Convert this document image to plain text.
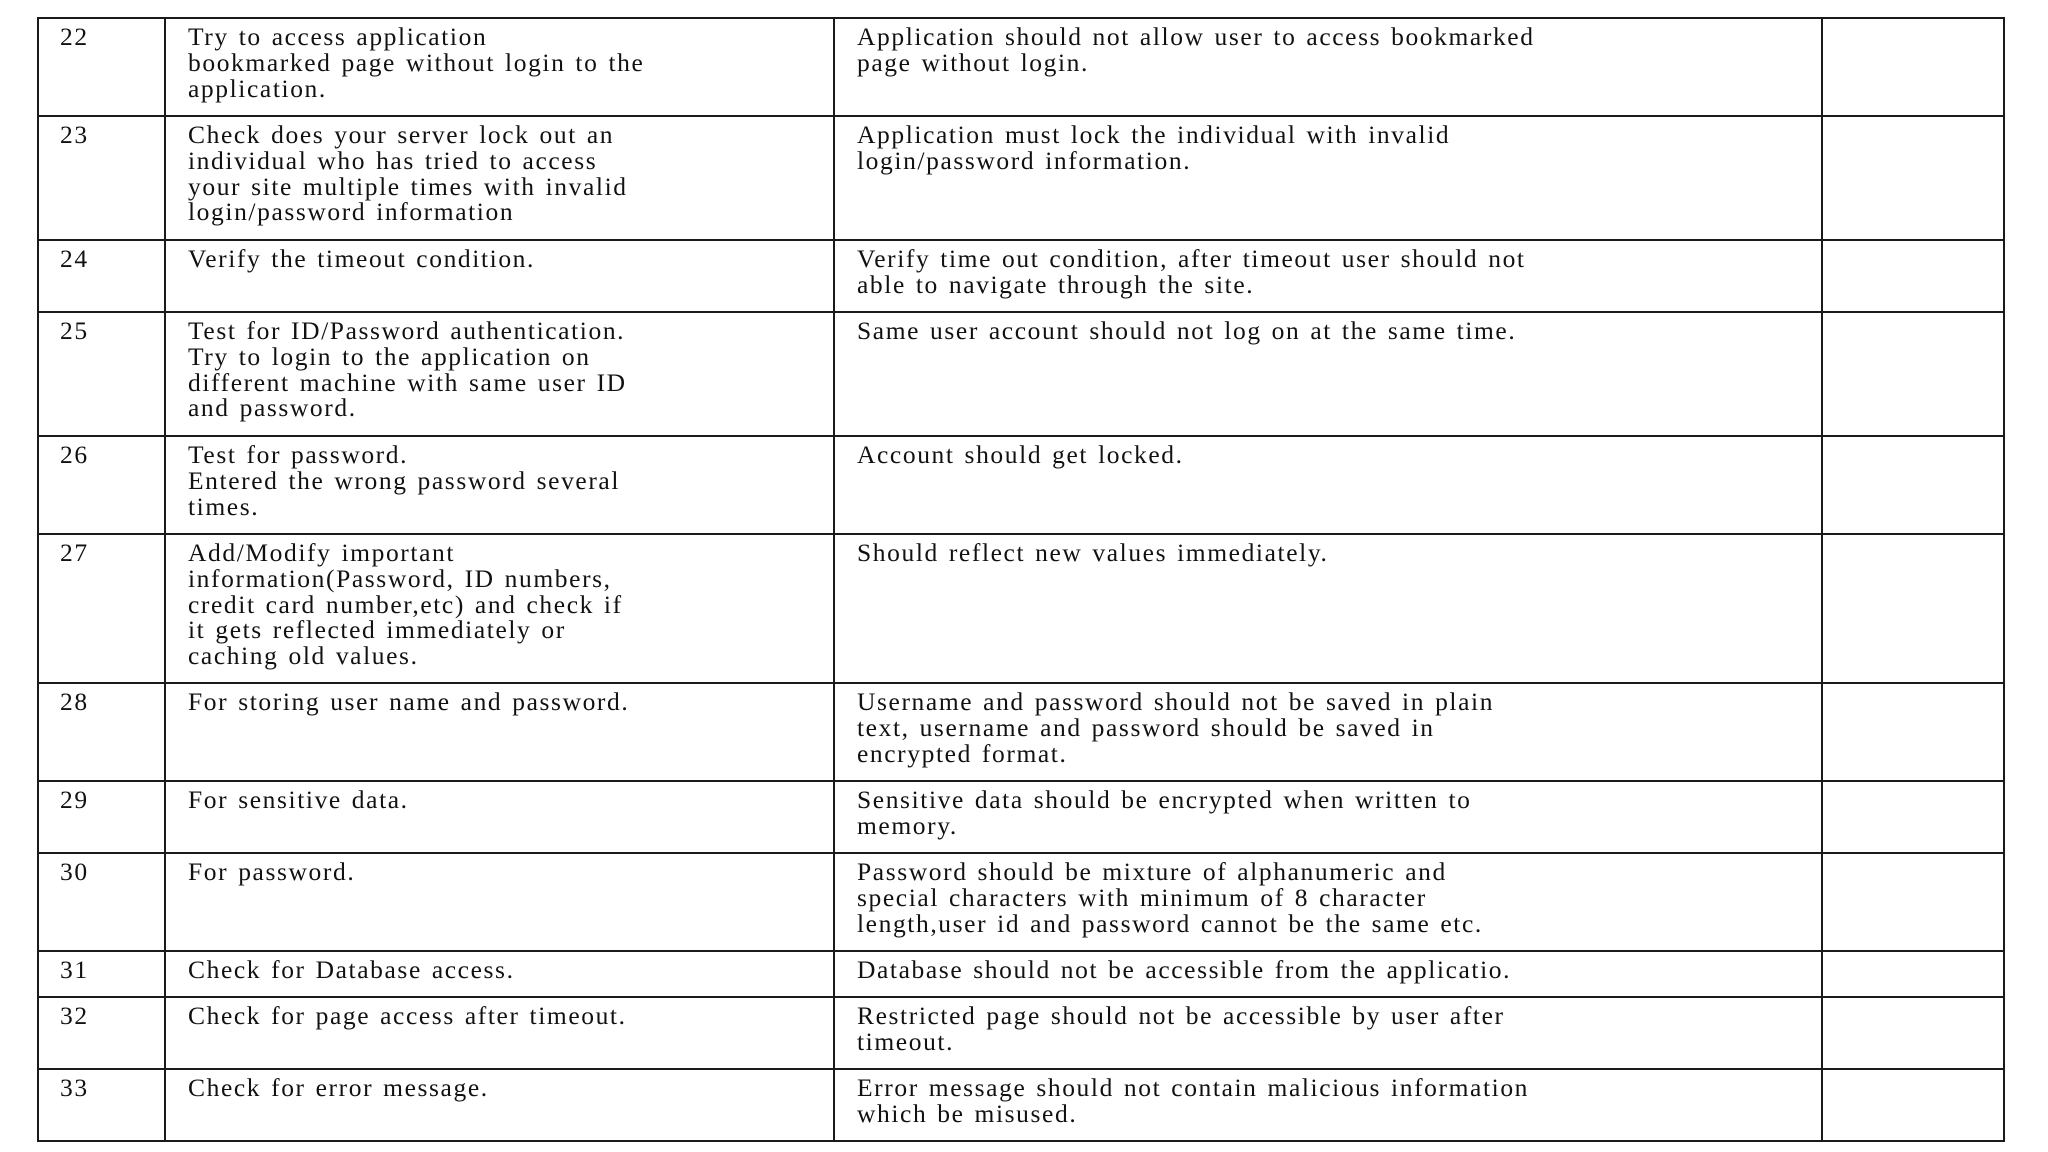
22	Try to access application
bookmarked page without login to the
application.	Application should not allow user to access bookmarked
page without login.	
23	Check does your server lock out an
individual who has tried to access
your site multiple times with invalid
login/password information	Application must lock the individual with invalid
login/password information.	
24	Verify the timeout condition.	Verify time out condition, after timeout user should not
able to navigate through the site.	
25	Test for ID/Password authentication.
Try to login to the application on
different machine with same user ID
and password.	Same user account should not log on at the same time.	
26	Test for password.
Entered the wrong password several
times.	Account should get locked.	
27	Add/Modify important
information(Password, ID numbers,
credit card number,etc) and check if
it gets reflected immediately or
caching old values.	Should reflect new values immediately.	
28	For storing user name and password.	Username and password should not be saved in plain
text, username and password should be saved in
encrypted format.	
29	For sensitive data.	Sensitive data should be encrypted when written to
memory.	
30	For password.	Password should be mixture of alphanumeric and
special characters with minimum of 8 character
length,user id and password cannot be the same etc.	
31	Check for Database access.	Database should not be accessible from the applicatio.	
32	Check for page access after timeout.	Restricted page should not be accessible by user after
timeout.	
33	Check for error message.	Error message should not contain malicious information
which be misused.	
